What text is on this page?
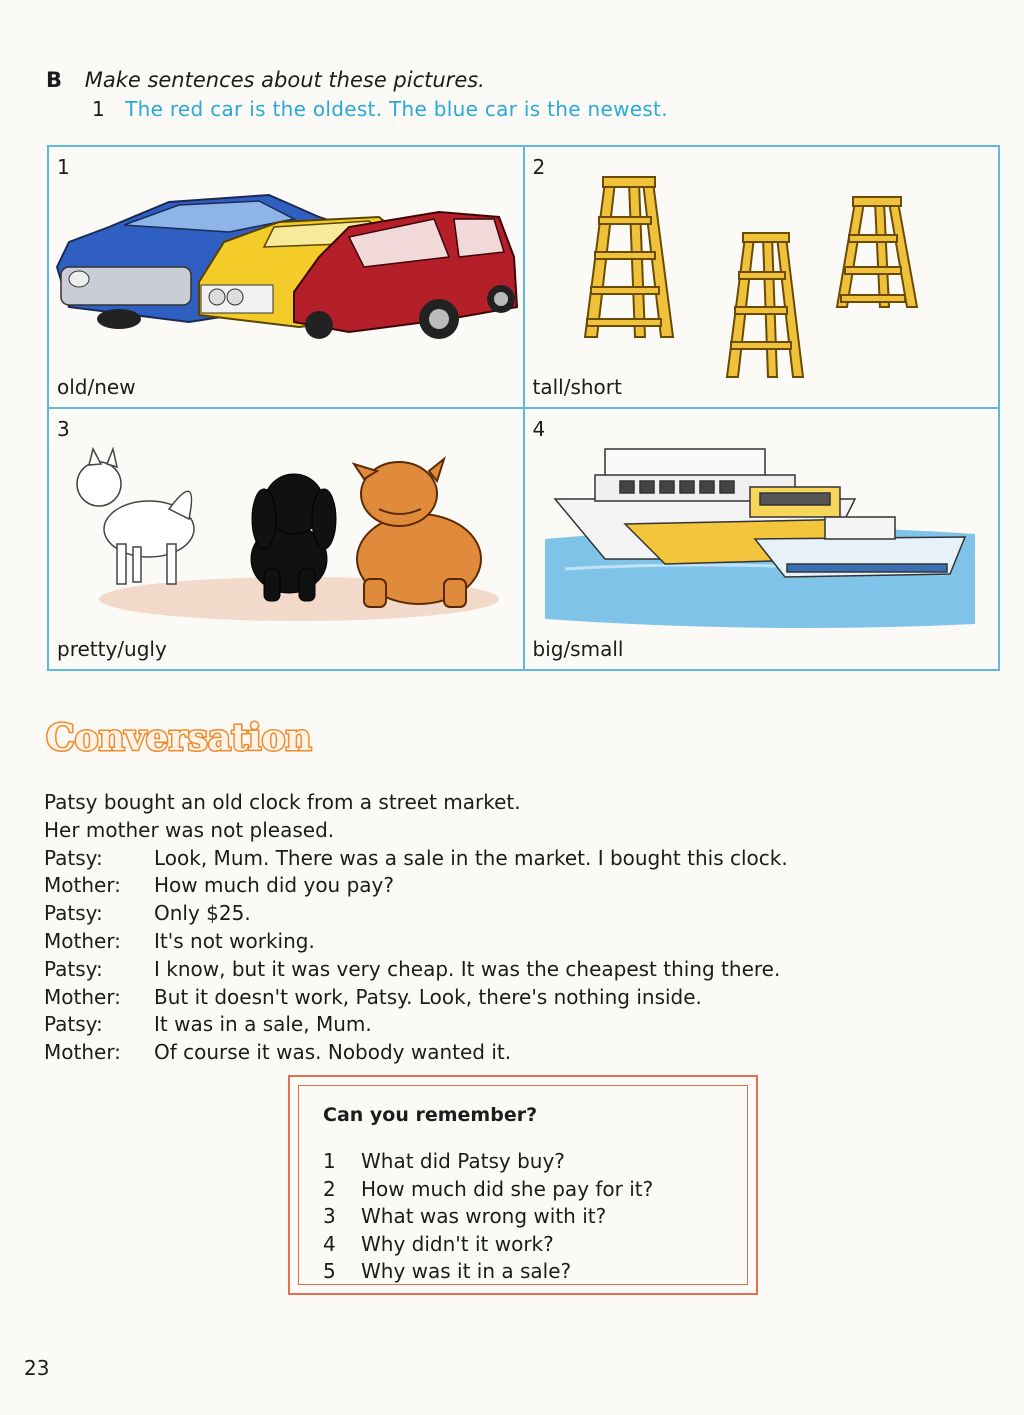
B Make sentences about these pictures.
1 The red car is the oldest. The blue car is the newest.
1
old/new
2
tall/short
3
pretty/ugly
4
big/small
Conversation
Patsy bought an old clock from a street market.
Her mother was not pleased.
Patsy:	Look, Mum. There was a sale in the market. I bought this clock.
Mother: How much did you pay?
Patsy:	Only $25.
Mother: It's not working.
Patsy:	I know, but it was very cheap. It was the cheapest thing there.
Mother: But it doesn't work, Patsy. Look, there's nothing inside.
Patsy:	It was in a sale, Mum.
Mother: Of course it was. Nobody wanted it.
Can you remember?
1 What did Patsy buy?
2 How much did she pay for it?
3 What was wrong with it?
4 Why didn't it work?
5 Why was it in a sale?
23
